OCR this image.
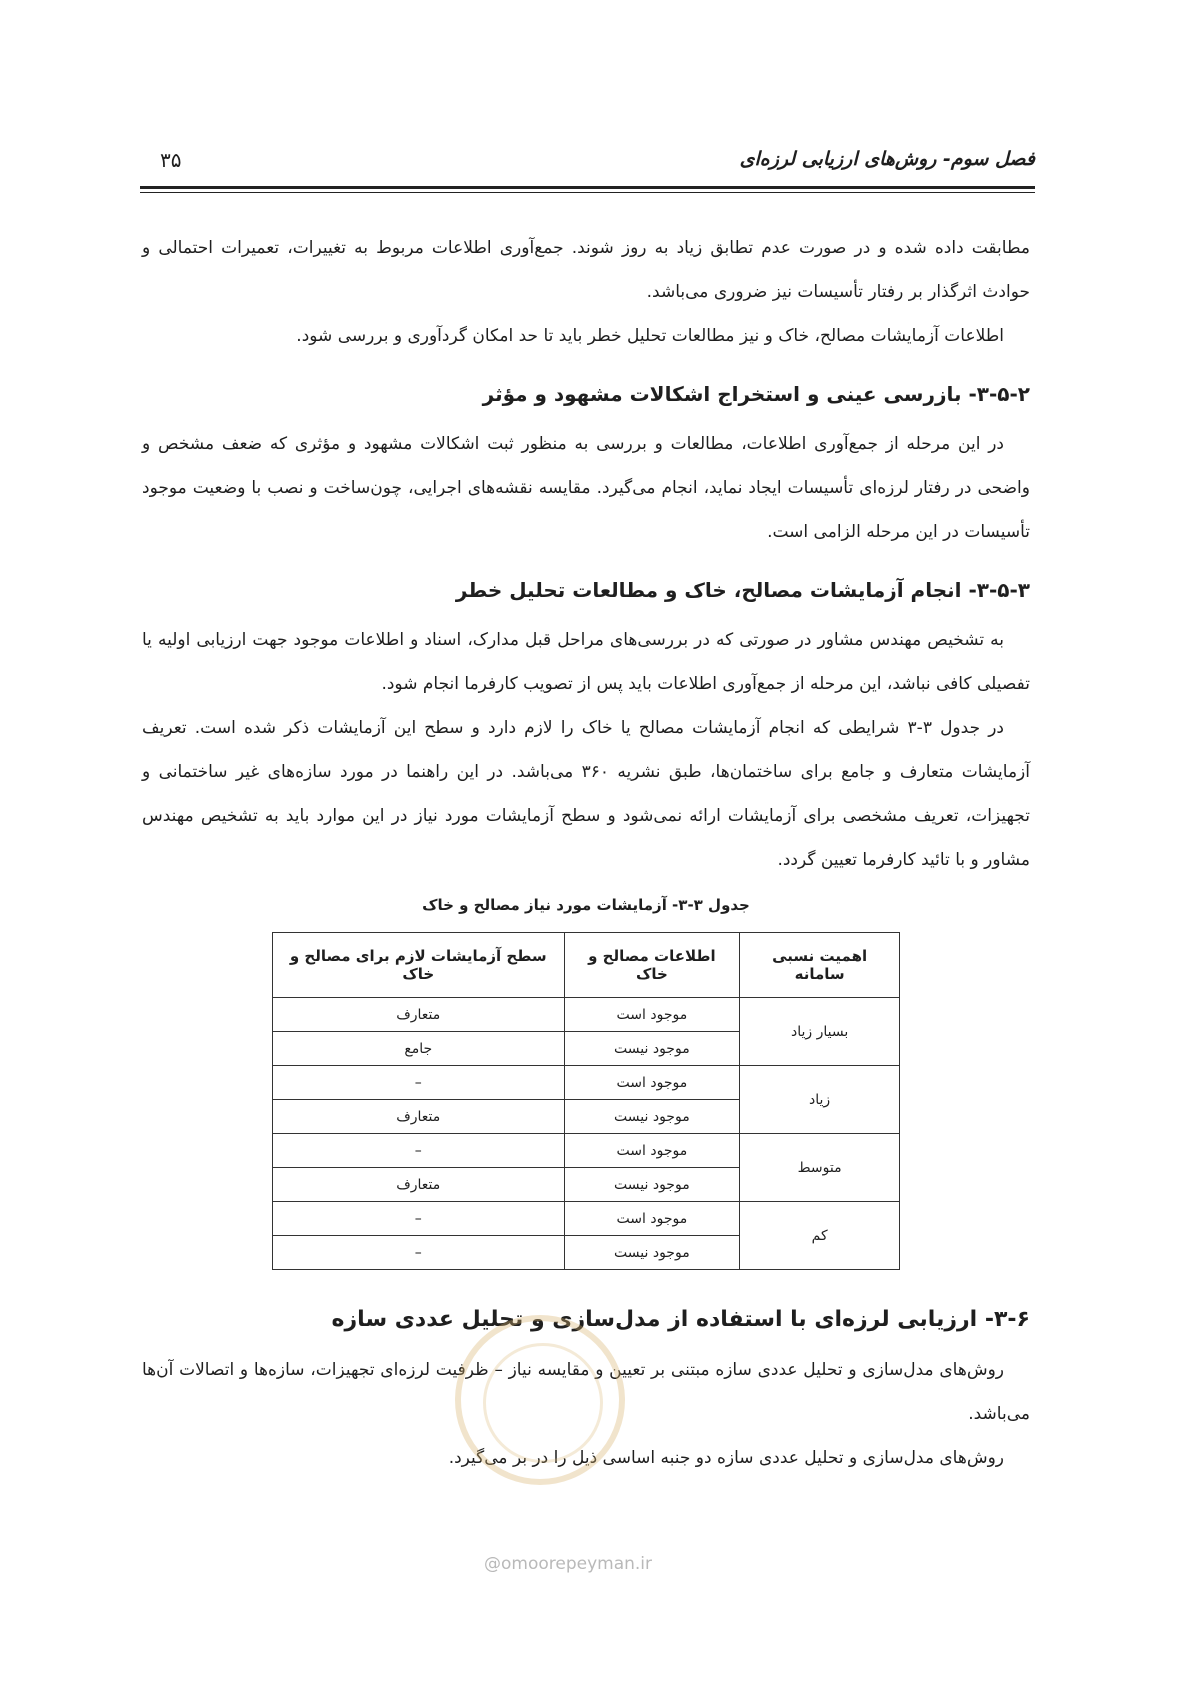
فصل سوم- روش‌های ارزیابی لرزه‌ای
۳۵

مطابقت داده شده و در صورت عدم تطابق زیاد به روز شوند. جمع‌آوری اطلاعات مربوط به تغییرات، تعمیرات احتمالی و حوادث اثرگذار بر رفتار تأسیسات نیز ضروری می‌باشد.

اطلاعات آزمایشات مصالح، خاک و نیز مطالعات تحلیل خطر باید تا حد امکان گردآوری و بررسی شود.

۳-۵-۲- بازرسی عینی و استخراج اشکالات مشهود و مؤثر

در این مرحله از جمع‌آوری اطلاعات، مطالعات و بررسی به منظور ثبت اشکالات مشهود و مؤثری که ضعف مشخص و واضحی در رفتار لرزه‌ای تأسیسات ایجاد نماید، انجام می‌گیرد. مقایسه نقشه‌های اجرایی، چون‌ساخت و نصب با وضعیت موجود تأسیسات در این مرحله الزامی است.

۳-۵-۳- انجام آزمایشات مصالح، خاک و مطالعات تحلیل خطر

به تشخیص مهندس مشاور در صورتی که در بررسی‌های مراحل قبل مدارک، اسناد و اطلاعات موجود جهت ارزیابی اولیه یا تفصیلی کافی نباشد، این مرحله از جمع‌آوری اطلاعات باید پس از تصویب کارفرما انجام شود.

در جدول ۳-۳ شرایطی که انجام آزمایشات مصالح یا خاک را لازم دارد و سطح این آزمایشات ذکر شده است. تعریف آزمایشات متعارف و جامع برای ساختمان‌ها، طبق نشریه ۳۶۰ می‌باشد. در این راهنما در مورد سازه‌های غیر ساختمانی و تجهیزات، تعریف مشخصی برای آزمایشات ارائه نمی‌شود و سطح آزمایشات مورد نیاز در این موارد باید به تشخیص مهندس مشاور و با تائید کارفرما تعیین گردد.

جدول ۳-۳- آزمایشات مورد نیاز مصالح و خاک
اهمیت نسبی سامانه	اطلاعات مصالح و خاک	سطح آزمایشات لازم برای مصالح و خاک
بسیار زیاد	موجود است	متعارف
	موجود نیست	جامع
زیاد	موجود است	–
	موجود نیست	متعارف
متوسط	موجود است	–
	موجود نیست	متعارف
کم	موجود است	–
	موجود نیست	–
۳-۶- ارزیابی لرزه‌ای با استفاده از مدل‌سازی و تحلیل عددی سازه

روش‌های مدل‌سازی و تحلیل عددی سازه مبتنی بر تعیین و مقایسه نیاز – ظرفیت لرزه‌ای تجهیزات، سازه‌ها و اتصالات آن‌ها می‌باشد.

روش‌های مدل‌سازی و تحلیل عددی سازه دو جنبه اساسی ذیل را در بر می‌گیرد.

@omoorepeyman.ir
